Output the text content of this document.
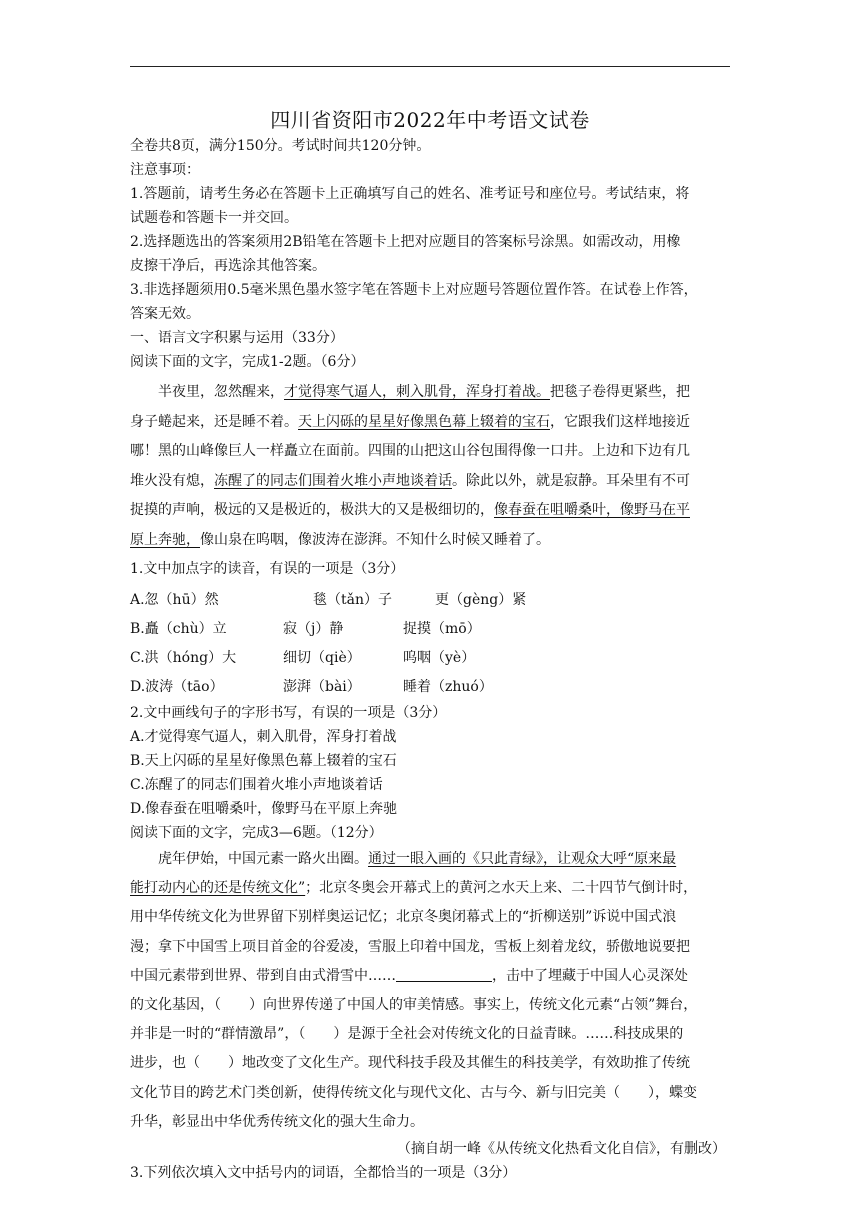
四川省资阳市2022年中考语文试卷

全卷共8页，满分150分。考试时间共120分钟。

注意事项：

1.答题前，请考生务必在答题卡上正确填写自己的姓名、准考证号和座位号。考试结束，将

试题卷和答题卡一并交回。

2.选择题选出的答案须用2B铅笔在答题卡上把对应题目的答案标号涂黑。如需改动，用橡

皮擦干净后，再选涂其他答案。

3.非选择题须用0.5毫米黑色墨水签字笔在答题卡上对应题号答题位置作答。在试卷上作答，

答案无效。

一、语言文字积累与运用（33分）

阅读下面的文字，完成1-2题。（6分）

半夜里，忽然醒来，才觉得寒气逼人，刺入肌骨，浑身打着战。把毯子卷得更紧些，把

身子蜷起来，还是睡不着。天上闪砾的星星好像黑色幕上辍着的宝石，它跟我们这样地接近

哪！黑的山峰像巨人一样矗立在面前。四围的山把这山谷包围得像一口井。上边和下边有几

堆火没有熄，冻醒了的同志们围着火堆小声地谈着话。除此以外，就是寂静。耳朵里有不可

捉摸的声响，极远的又是极近的，极洪大的又是极细切的，像春蚕在咀嚼桑叶，像野马在平

原上奔驰，像山泉在呜咽，像波涛在澎湃。不知什么时候又睡着了。

1.文中加点字的读音，有误的一项是（3分）

A.忽（hū）然	毯（tǎn）子	更（gèng）紧
B.矗（chù）立	寂（j）静	捉摸（mō）
C.洪（hóng）大	细切（qiè）	呜咽（yè）
D.波涛（tāo）	澎湃（bài）	睡着（zhuó）

2.文中画线句子的字形书写，有误的一项是（3分）

A.才觉得寒气逼人，刺入肌骨，浑身打着战

B.天上闪砾的星星好像黑色幕上辍着的宝石

C.冻醒了的同志们围着火堆小声地谈着话

D.像春蚕在咀嚼桑叶，像野马在平原上奔驰

阅读下面的文字，完成3—6题。（12分）

虎年伊始，中国元素一路火出圈。通过一眼入画的《只此青绿》，让观众大呼“原来最

能打动内心的还是传统文化”；北京冬奥会开幕式上的黄河之水天上来、二十四节气倒计时，

用中华传统文化为世界留下别样奥运记忆；北京冬奥闭幕式上的“折柳送别”诉说中国式浪

漫；拿下中国雪上项目首金的谷爱凌，雪服上印着中国龙，雪板上刻着龙纹，骄傲地说要把

中国元素带到世界、带到自由式滑雪中……	，击中了埋藏于中国人心灵深处

的文化基因，（　　）向世界传递了中国人的审美情感。事实上，传统文化元素“占领”舞台，

并非是一时的“群情激昂”，（　　）是源于全社会对传统文化的日益青睐。……科技成果的

进步，也（　　）地改变了文化生产。现代科技手段及其催生的科技美学，有效助推了传统

文化节目的跨艺术门类创新，使得传统文化与现代文化、古与今、新与旧完美（　　），蝶变

升华，彰显出中华优秀传统文化的强大生命力。

（摘自胡一峰《从传统文化热看文化自信》，有删改）

3.下列依次填入文中括号内的词语，全都恰当的一项是（3分）
